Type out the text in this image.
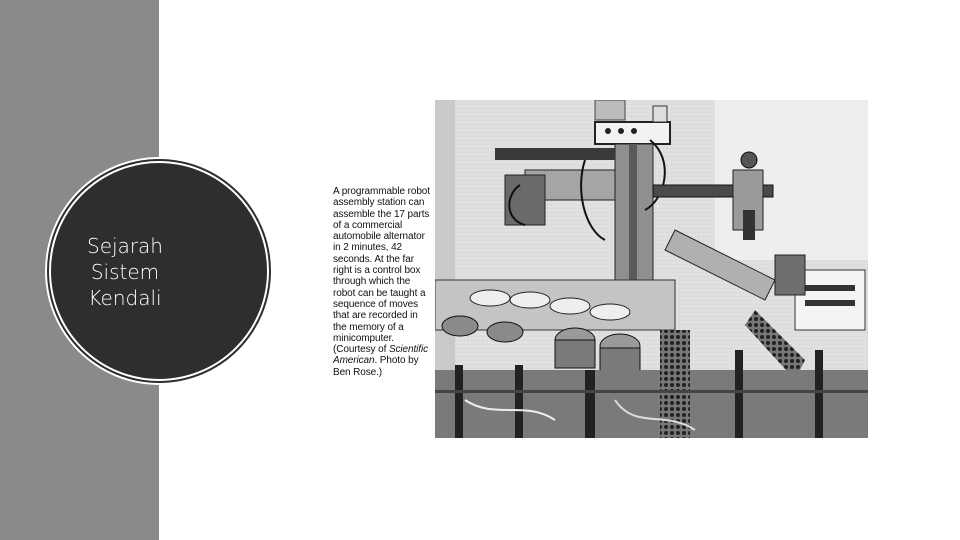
Sejarah
Sistem
Kendali
A programmable robot assembly station can assemble the 17 parts of a commercial automobile alternator in 2 minutes, 42 seconds. At the far right is a control box through which the robot can be taught a sequence of moves that are recorded in the memory of a minicomputer. (Courtesy of Scientific American. Photo by Ben Rose.)
